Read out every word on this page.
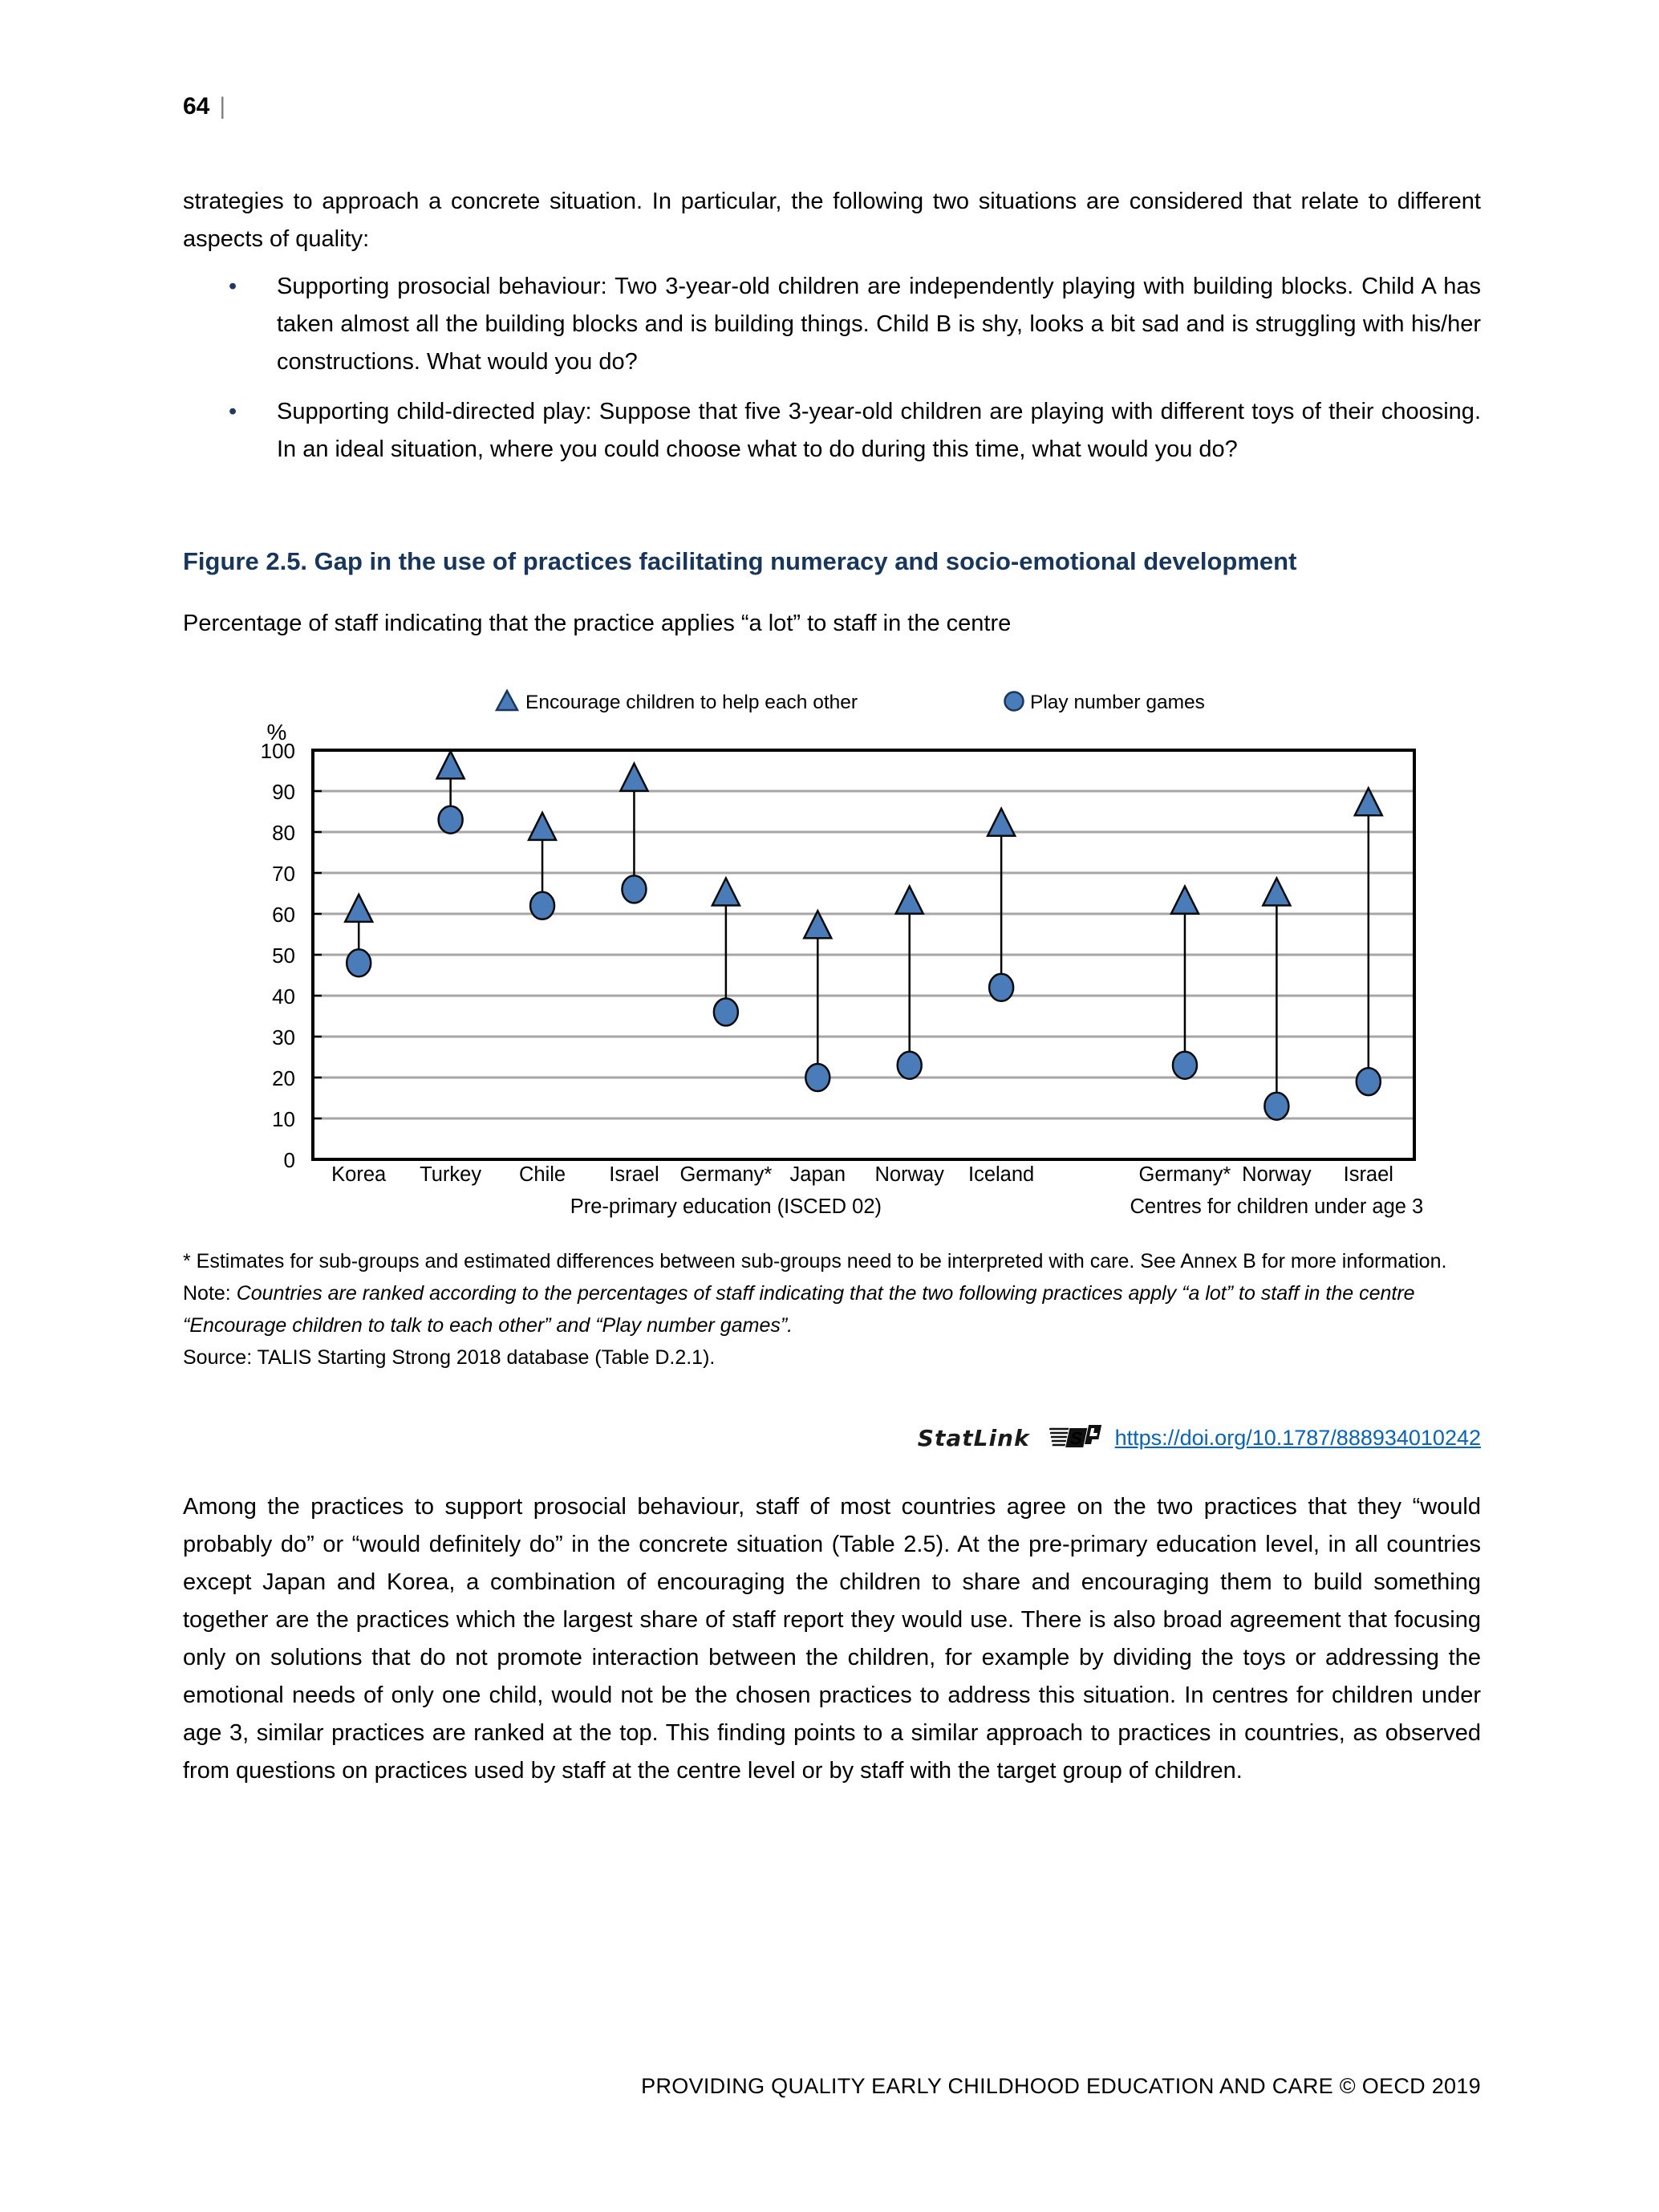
64 |

strategies to approach a concrete situation. In particular, the following two situations are considered that relate to different aspects of quality:

•	Supporting prosocial behaviour: Two 3-year-old children are independently playing with building blocks. Child A has taken almost all the building blocks and is building things. Child B is shy, looks a bit sad and is struggling with his/her constructions. What would you do?

•	Supporting child-directed play: Suppose that five 3-year-old children are playing with different toys of their choosing. In an ideal situation, where you could choose what to do during this time, what would you do?

Figure 2.5. Gap in the use of practices facilitating numeracy and socio-emotional development

Percentage of staff indicating that the practice applies “a lot” to staff in the centre

0
10
20
30
40
50
60
70
80
90
100
%
Korea Turkey Chile Israel Germany* Japan Norway Iceland	Germany* Norway Israel
Pre-primary education (ISCED 02)	Centres for children under age 3
Encourage children to help each other	Play number games

* Estimates for sub-groups and estimated differences between sub-groups need to be interpreted with care. See Annex B for more information.

Note: Countries are ranked according to the percentages of staff indicating that the two following practices apply “a lot” to staff in the centre “Encourage children to talk to each other” and “Play number games”.

Source: TALIS Starting Strong 2018 database (Table D.2.1).

StatLink S https://doi.org/10.1787/888934010242

Among the practices to support prosocial behaviour, staff of most countries agree on the two practices that they “would probably do” or “would definitely do” in the concrete situation (Table 2.5). At the pre-primary education level, in all countries except Japan and Korea, a combination of encouraging the children to share and encouraging them to build something together are the practices which the largest share of staff report they would use. There is also broad agreement that focusing only on solutions that do not promote interaction between the children, for example by dividing the toys or addressing the emotional needs of only one child, would not be the chosen practices to address this situation. In centres for children under age 3, similar practices are ranked at the top. This finding points to a similar approach to practices in countries, as observed from questions on practices used by staff at the centre level or by staff with the target group of children.

PROVIDING QUALITY EARLY CHILDHOOD EDUCATION AND CARE © OECD 2019
